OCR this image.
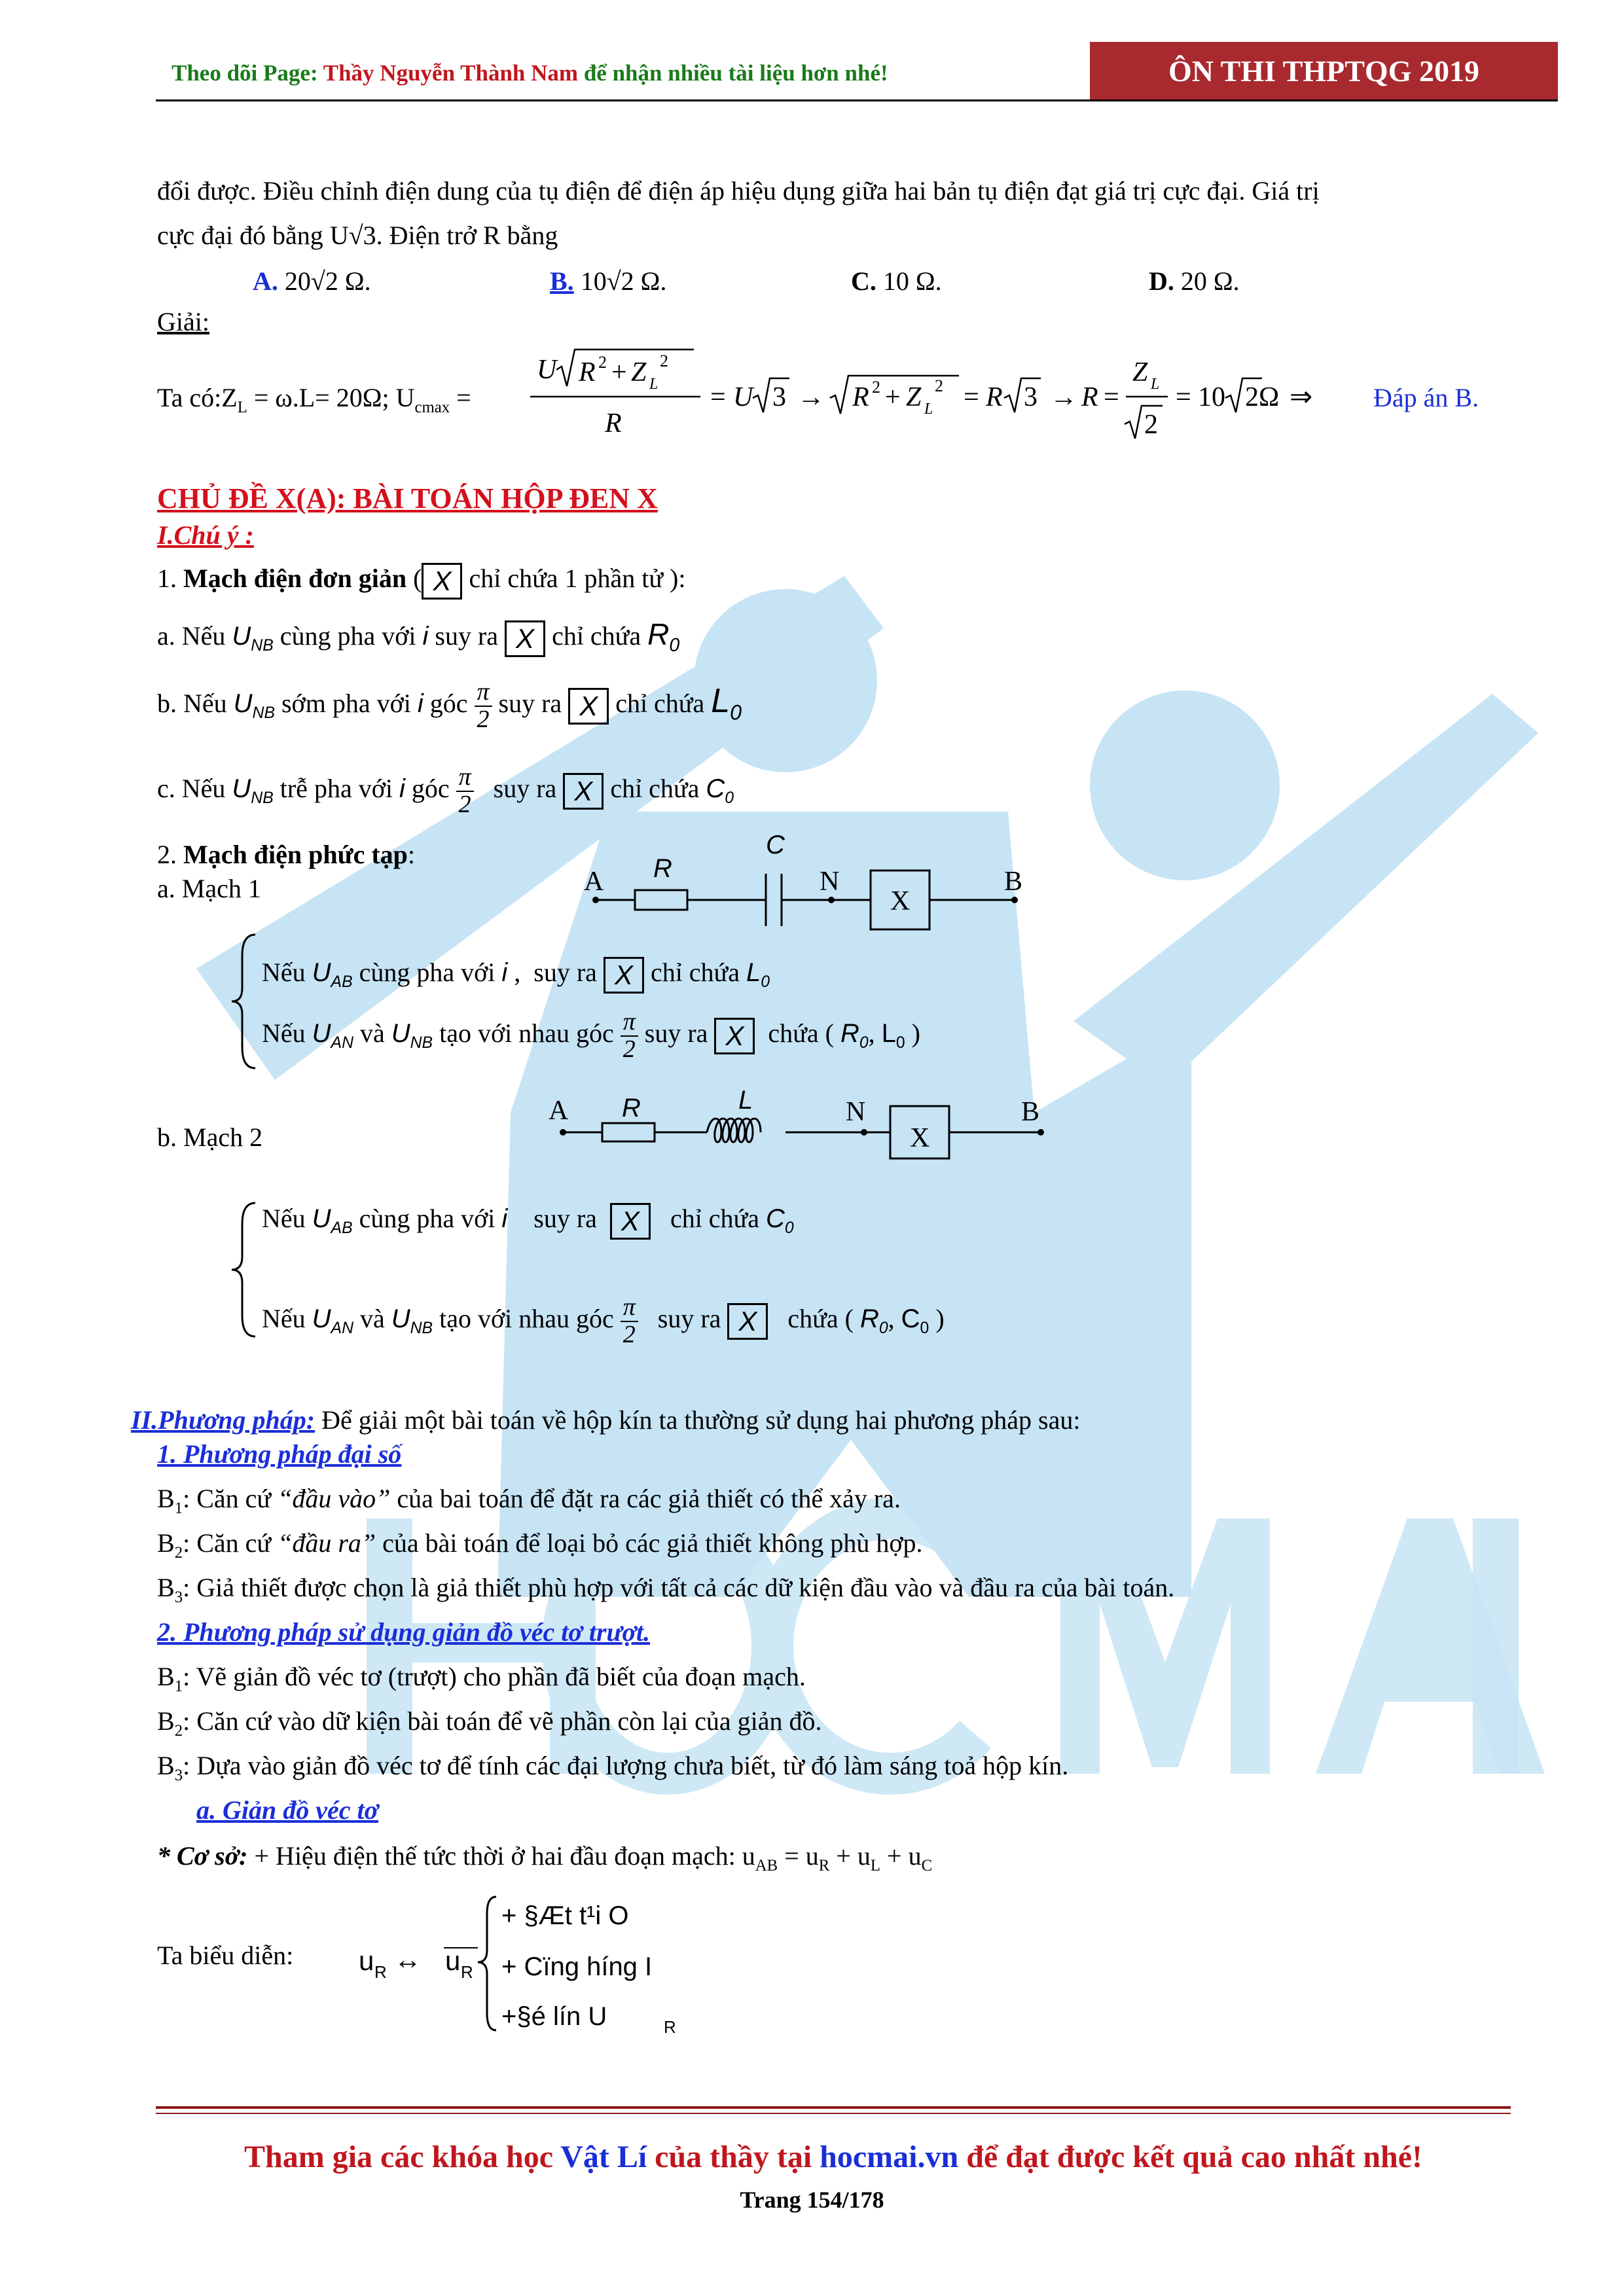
Theo dõi Page: Thầy Nguyễn Thành Nam để nhận nhiều tài liệu hơn nhé!	ÔN THI THPTQG 2019
đổi được. Điều chỉnh điện dung của tụ điện để điện áp hiệu dụng giữa hai bản tụ điện đạt giá trị cực đại. Giá trị
cực đại đó bằng U√3. Điện trở R bằng
A. 20√2 Ω.	B. 10√2 Ω.	C. 10 Ω.	D. 20 Ω.
Giải:
Ta $có:Z_L = \omega.L= 20\Omega$; $U_{cmax}$ =
U R 2 + Z L
2
R
= U 3 → R 2 + Z L
2 = R 3 → R =
Z L
2
= 10 2Ω ⇒ Đáp án B.
CHỦ ĐỀ X(A): BÀI TOÁN HỘP ĐEN X
I.Chú ý :
1. Mạch điện đơn giản ( X chỉ chứa 1 phần tử ):
a. Nếu $U_{NB}$ cùng pha với i suy ra X chỉ chứa $R_0$
b. Nếu $U_{NB}$ sớm pha với i góc $\frac{\pi}{2}$ suy ra X chỉ chứa $L_0$
c. Nếu $U_{NB}$ trễ pha với i góc $\frac{\pi}{2}$ suy ra X chỉ chứa $C_0$
2. Mạch điện phức tạp:
a. Mạch 1	A	N	B
X
R
C
Nếu $U_{AB}$ cùng pha với i ,  suy ra X chỉ chứa $L_0$
Nếu $U_{AN}$ và $U_{NB}$ tạo với nhau góc $\frac{\pi}{2}$ suy ra X chứa ( $R_0$, $L_0$ )
b. Mạch 2
A	N	B
X
R	L
Nếu $U_{AB}$ cùng pha với i suy ra X chỉ chứa $C_0$
Nếu $U_{AN}$ và $U_{NB}$ tạo với nhau góc $\frac{\pi}{2}$ suy ra X chứa ( $R_0$, $C_0$ )
II.Phương pháp: Để giải một bài toán về hộp kín ta thường sử dụng hai phương pháp sau:
1. Phương pháp đại số
$B_1$: Căn cứ “đầu vào” của bai toán để đặt ra các giả thiết có thể xảy ra.
$B_2$: Căn cứ “đầu ra” của bài toán để loại bỏ các giả thiết không phù hợp.
$B_3$: Giả thiết được chọn là giả thiết phù hợp với tất cả các dữ kiện đầu vào và đầu ra của bài toán.
2. Phương pháp sử dụng giản đồ véc tơ trượt.
$B_1$: Vẽ giản đồ véc tơ (trượt) cho phần đã biết của đoạn mạch.
$B_2$: Căn cứ vào dữ kiện bài toán để vẽ phần còn lại của giản đồ.
$B_3$: Dựa vào giản đồ véc tơ để tính các đại lượng chưa biết, từ đó làm sáng toả hộp kín.
a. Giản đồ véc tơ
* Cơ sở: + Hiệu điện thế tức thời ở hai đầu đoạn mạch: $u_{AB} = u_R + u_L + u_C$
Ta biểu diễn: u R ↔ u R
+ §Æt t¹i O
+ Cïng híng I
+§é lín U	R
Tham gia các khóa học Vật Lí của thầy tại hocmai.vn để đạt được kết quả cao nhất nhé!
Trang 154/178
